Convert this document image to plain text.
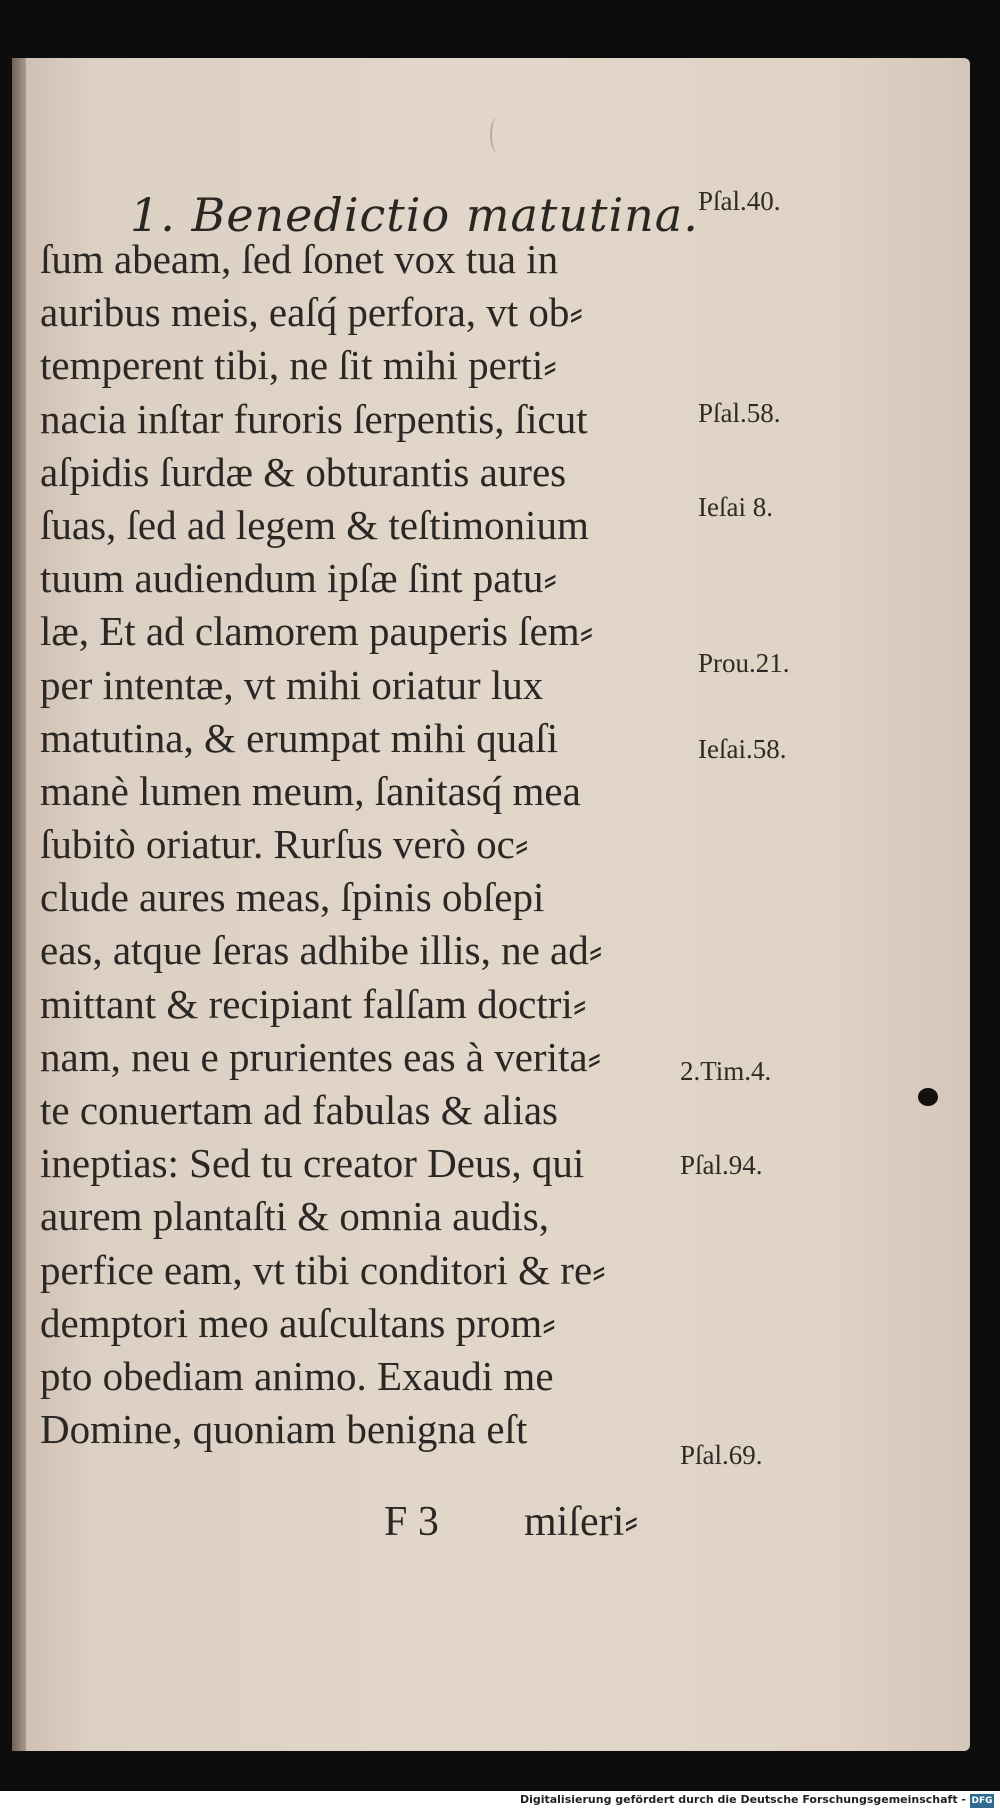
1. Benedictio matutina.
ſum abeam, ſed ſonet vox tua in
auribus meis, eaſq́ perfora, vt ob⸗
temperent tibi, ne ſit mihi perti⸗
nacia inſtar furoris ſerpentis, ſicut
aſpidis ſurdæ & obturantis aures
ſuas, ſed ad legem & teſtimonium
tuum audiendum ipſæ ſint patu⸗
læ, Et ad clamorem pauperis ſem⸗
per intentæ, vt mihi oriatur lux
matutina, & erumpat mihi quaſi
manè lumen meum, ſanitasq́ mea
ſubitò oriatur. Rurſus verò oc⸗
clude aures meas, ſpinis obſepi
eas, atque ſeras adhibe illis, ne ad⸗
mittant & recipiant falſam doctri⸗
nam, neu e prurientes eas à verita⸗
te conuertam ad fabulas & alias
ineptias: Sed tu creator Deus, qui
aurem plantaſti & omnia audis,
perfice eam, vt tibi conditori & re⸗
demptori meo auſcultans prom⸗
pto obediam animo. Exaudi me
Domine, quoniam benigna eſt
Pſal.40.
Pſal.58.
Ieſai 8.
Prou.21.
Ieſai.58.
2.Tim.4.
Pſal.94.
Pſal.69.
F 3 miſeri⸗
Digitalisierung gefördert durch die Deutsche Forschungsgemeinschaft - DFG
